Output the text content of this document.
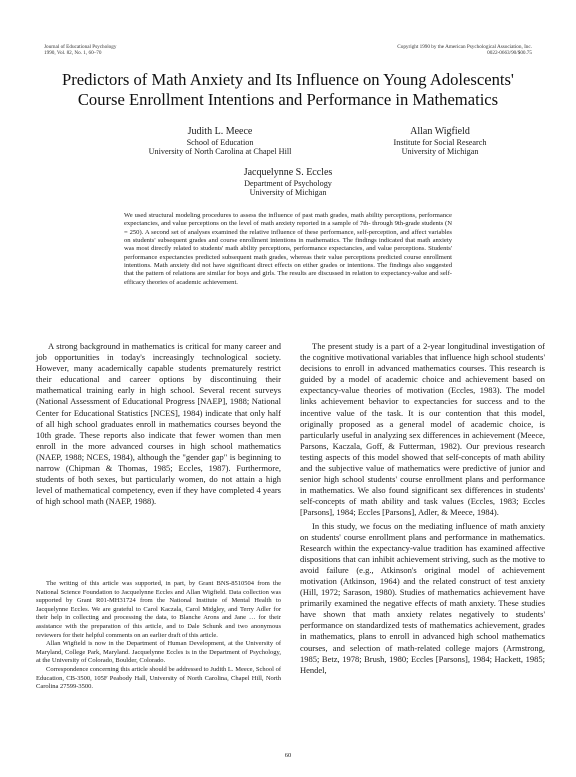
Journal of Educational Psychology
1990, Vol. 82, No. 1, 60–70
Copyright 1990 by the American Psychological Association, Inc.
0022-0663/90/$00.75
Predictors of Math Anxiety and Its Influence on Young Adolescents'
Course Enrollment Intentions and Performance in Mathematics
Judith L. Meece
School of Education
University of North Carolina at Chapel Hill
Allan Wigfield
Institute for Social Research
University of Michigan
Jacquelynne S. Eccles
Department of Psychology
University of Michigan
We used structural modeling procedures to assess the influence of past math grades, math ability perceptions, performance expectancies, and value perceptions on the level of math anxiety reported in a sample of 7th- through 9th-grade students (N = 250). A second set of analyses examined the relative influence of these performance, self-perception, and affect variables on students' subsequent grades and course enrollment intentions in mathematics. The findings indicated that math anxiety was most directly related to students' math ability perceptions, performance expectancies, and value perceptions. Students' performance expectancies predicted subsequent math grades, whereas their value perceptions predicted course enrollment intentions. Math anxiety did not have significant direct effects on either grades or intentions. The findings also suggested that the pattern of relations are similar for boys and girls. The results are discussed in relation to expectancy-value and self-efficacy theories of academic achievement.

A strong background in mathematics is critical for many career and job opportunities in today's increasingly technological society. However, many academically capable students prematurely restrict their educational and career options by discontinuing their mathematical training early in high school. Several recent surveys (National Assessment of Educational Progress [NAEP], 1988; National Center for Educational Statistics [NCES], 1984) indicate that only half of all high school graduates enroll in mathematics courses beyond the 10th grade. These reports also indicate that fewer women than men enroll in the more advanced courses in high school mathematics (NAEP, 1988; NCES, 1984), although the "gender gap" is beginning to narrow (Chipman & Thomas, 1985; Eccles, 1987). Furthermore, students of both sexes, but particularly women, do not attain a high level of mathematical competency, even if they have completed 4 years of high school math (NAEP, 1988).

The writing of this article was supported, in part, by Grant BNS-8510504 from the National Science Foundation to Jacquelynne Eccles and Allan Wigfield. Data collection was supported by Grant R01-MH31724 from the National Institute of Mental Health to Jacquelynne Eccles. We are grateful to Carol Kaczala, Carol Midgley, and Terry Adler for their help in collecting and processing the data, to Blanche Arons and Jane … for their assistance with the preparation of this article, and to Dale Schunk and two anonymous reviewers for their helpful comments on an earlier draft of this article.

Allan Wigfield is now in the Department of Human Development, at the University of Maryland, College Park, Maryland. Jacquelynne Eccles is in the Department of Psychology, at the University of Colorado, Boulder, Colorado.

Correspondence concerning this article should be addressed to Judith L. Meece, School of Education, CB-3500, 105F Peabody Hall, University of North Carolina, Chapel Hill, North Carolina 27599-3500.

The present study is a part of a 2-year longitudinal investigation of the cognitive motivational variables that influence high school students' decisions to enroll in advanced mathematics courses. This research is guided by a model of academic choice and achievement based on expectancy-value theories of motivation (Eccles, 1983). The model links achievement behavior to expectancies for success and to the incentive value of the task. It is our contention that this model, originally proposed as a general model of academic choice, is particularly useful in analyzing sex differences in achievement (Meece, Parsons, Kaczala, Goff, & Futterman, 1982). Our previous research testing aspects of this model showed that self-concepts of math ability and the subjective value of mathematics were predictive of junior and senior high school students' course enrollment plans and performance in mathematics. We also found significant sex differences in students' self-concepts of math ability and task values (Eccles, 1983; Eccles [Parsons], 1984; Eccles [Parsons], Adler, & Meece, 1984).

In this study, we focus on the mediating influence of math anxiety on students' course enrollment plans and performance in mathematics. Research within the expectancy-value tradition has examined affective dispositions that can inhibit achievement striving, such as the motive to avoid failure (e.g., Atkinson's original model of achievement motivation (Atkinson, 1964) and the related construct of test anxiety (Hill, 1972; Sarason, 1980). Studies of mathematics achievement have primarily examined the negative effects of math anxiety. These studies have shown that math anxiety relates negatively to students' performance on standardized tests of mathematics achievement, grades in mathematics, plans to enroll in advanced high school mathematics courses, and selection of math-related college majors (Armstrong, 1985; Betz, 1978; Brush, 1980; Eccles [Parsons], 1984; Hackett, 1985; Hendel,

60
